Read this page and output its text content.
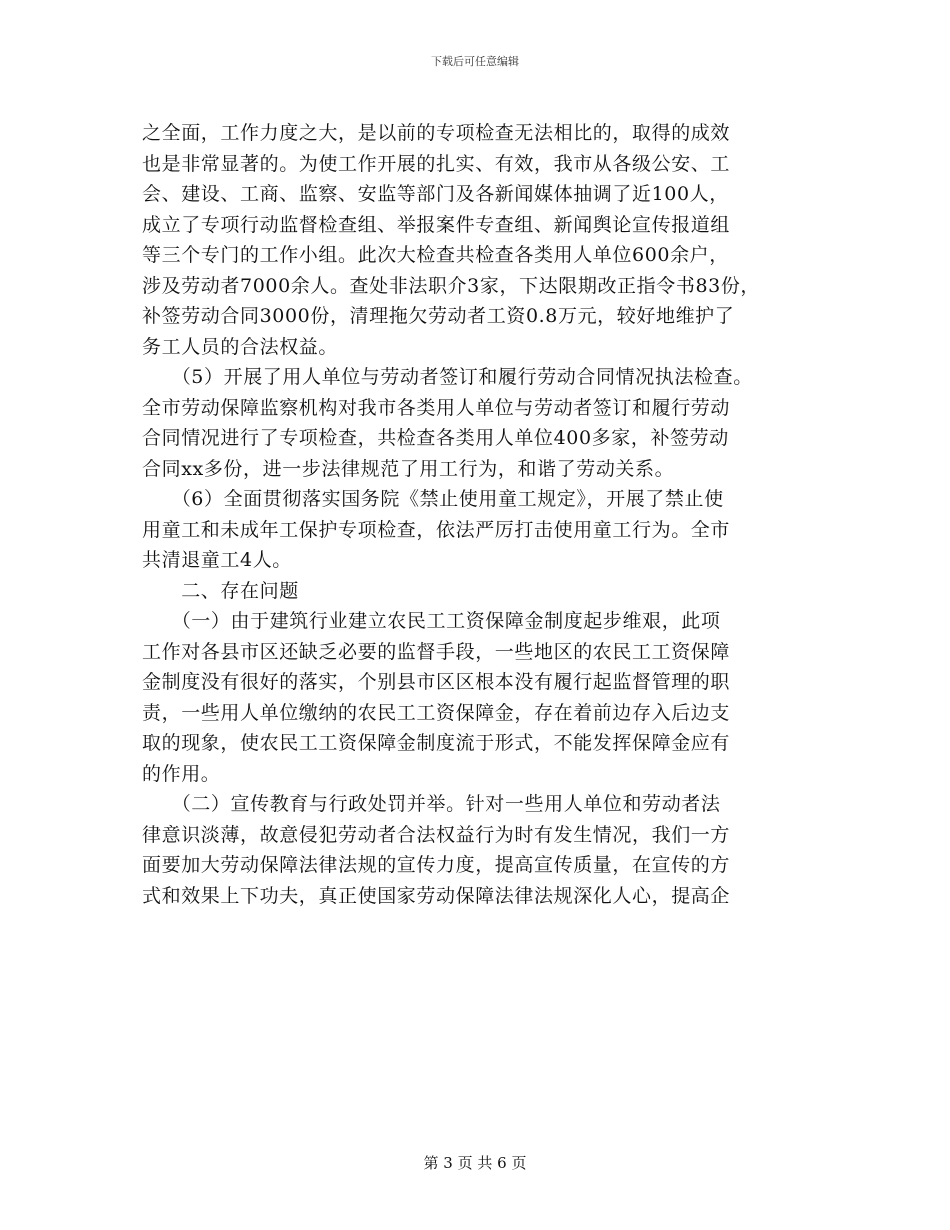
下载后可任意编辑
之全面，工作力度之大，是以前的专项检查无法相比的，取得的成效
也是非常显著的。为使工作开展的扎实、有效，我市从各级公安、工
会、建设、工商、监察、安监等部门及各新闻媒体抽调了近100人，
成立了专项行动监督检查组、举报案件专查组、新闻舆论宣传报道组
等三个专门的工作小组。此次大检查共检查各类用人单位600余户，
涉及劳动者7000余人。查处非法职介3家，下达限期改正指令书83份，
补签劳动合同3000份，清理拖欠劳动者工资0.8万元，较好地维护了
务工人员的合法权益。
　　（5）开展了用人单位与劳动者签订和履行劳动合同情况执法检查。
全市劳动保障监察机构对我市各类用人单位与劳动者签订和履行劳动
合同情况进行了专项检查，共检查各类用人单位400多家，补签劳动
合同xx多份，进一步法律规范了用工行为，和谐了劳动关系。
　　（6）全面贯彻落实国务院《禁止使用童工规定》，开展了禁止使
用童工和未成年工保护专项检查，依法严厉打击使用童工行为。全市
共清退童工4人。
　　二、存在问题
　　（一）由于建筑行业建立农民工工资保障金制度起步维艰，此项
工作对各县市区还缺乏必要的监督手段，一些地区的农民工工资保障
金制度没有很好的落实，个别县市区区根本没有履行起监督管理的职
责，一些用人单位缴纳的农民工工资保障金，存在着前边存入后边支
取的现象，使农民工工资保障金制度流于形式，不能发挥保障金应有
的作用。
　　（二）宣传教育与行政处罚并举。针对一些用人单位和劳动者法
律意识淡薄，故意侵犯劳动者合法权益行为时有发生情况，我们一方
面要加大劳动保障法律法规的宣传力度，提高宣传质量，在宣传的方
式和效果上下功夫，真正使国家劳动保障法律法规深化人心，提高企
第 3 页 共 6 页
